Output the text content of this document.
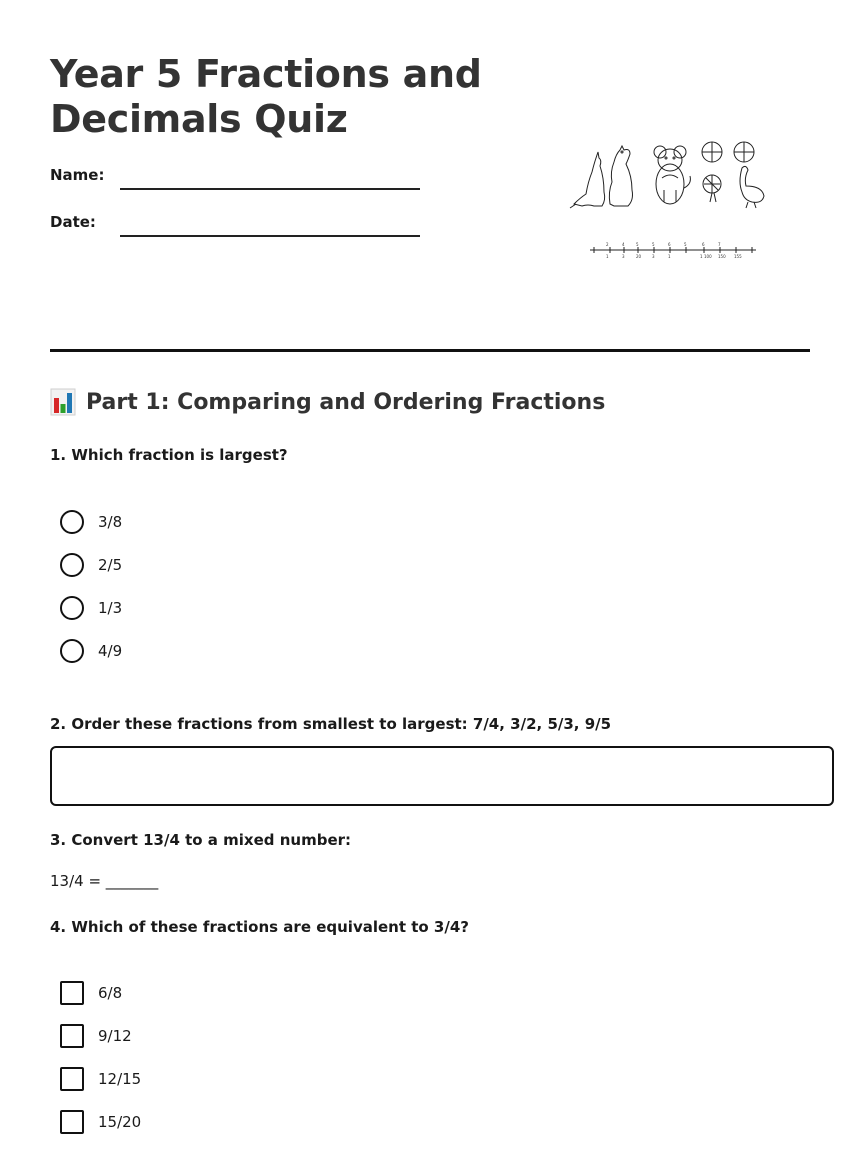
Year 5 Fractions and Decimals Quiz
Name:
Date:
2	4	5	5	6	5	6	7
1	3	20	3	1	1 100 150 155
Part 1: Comparing and Ordering Fractions

1. Which fraction is largest?

3/8
2/5
1/3
4/9

2. Order these fractions from smallest to largest: 7/4, 3/2, 5/3, 9/5

3. Convert 13/4 to a mixed number:

13/4 = _______

4. Which of these fractions are equivalent to 3/4?

6/8
9/12
12/15
15/20
